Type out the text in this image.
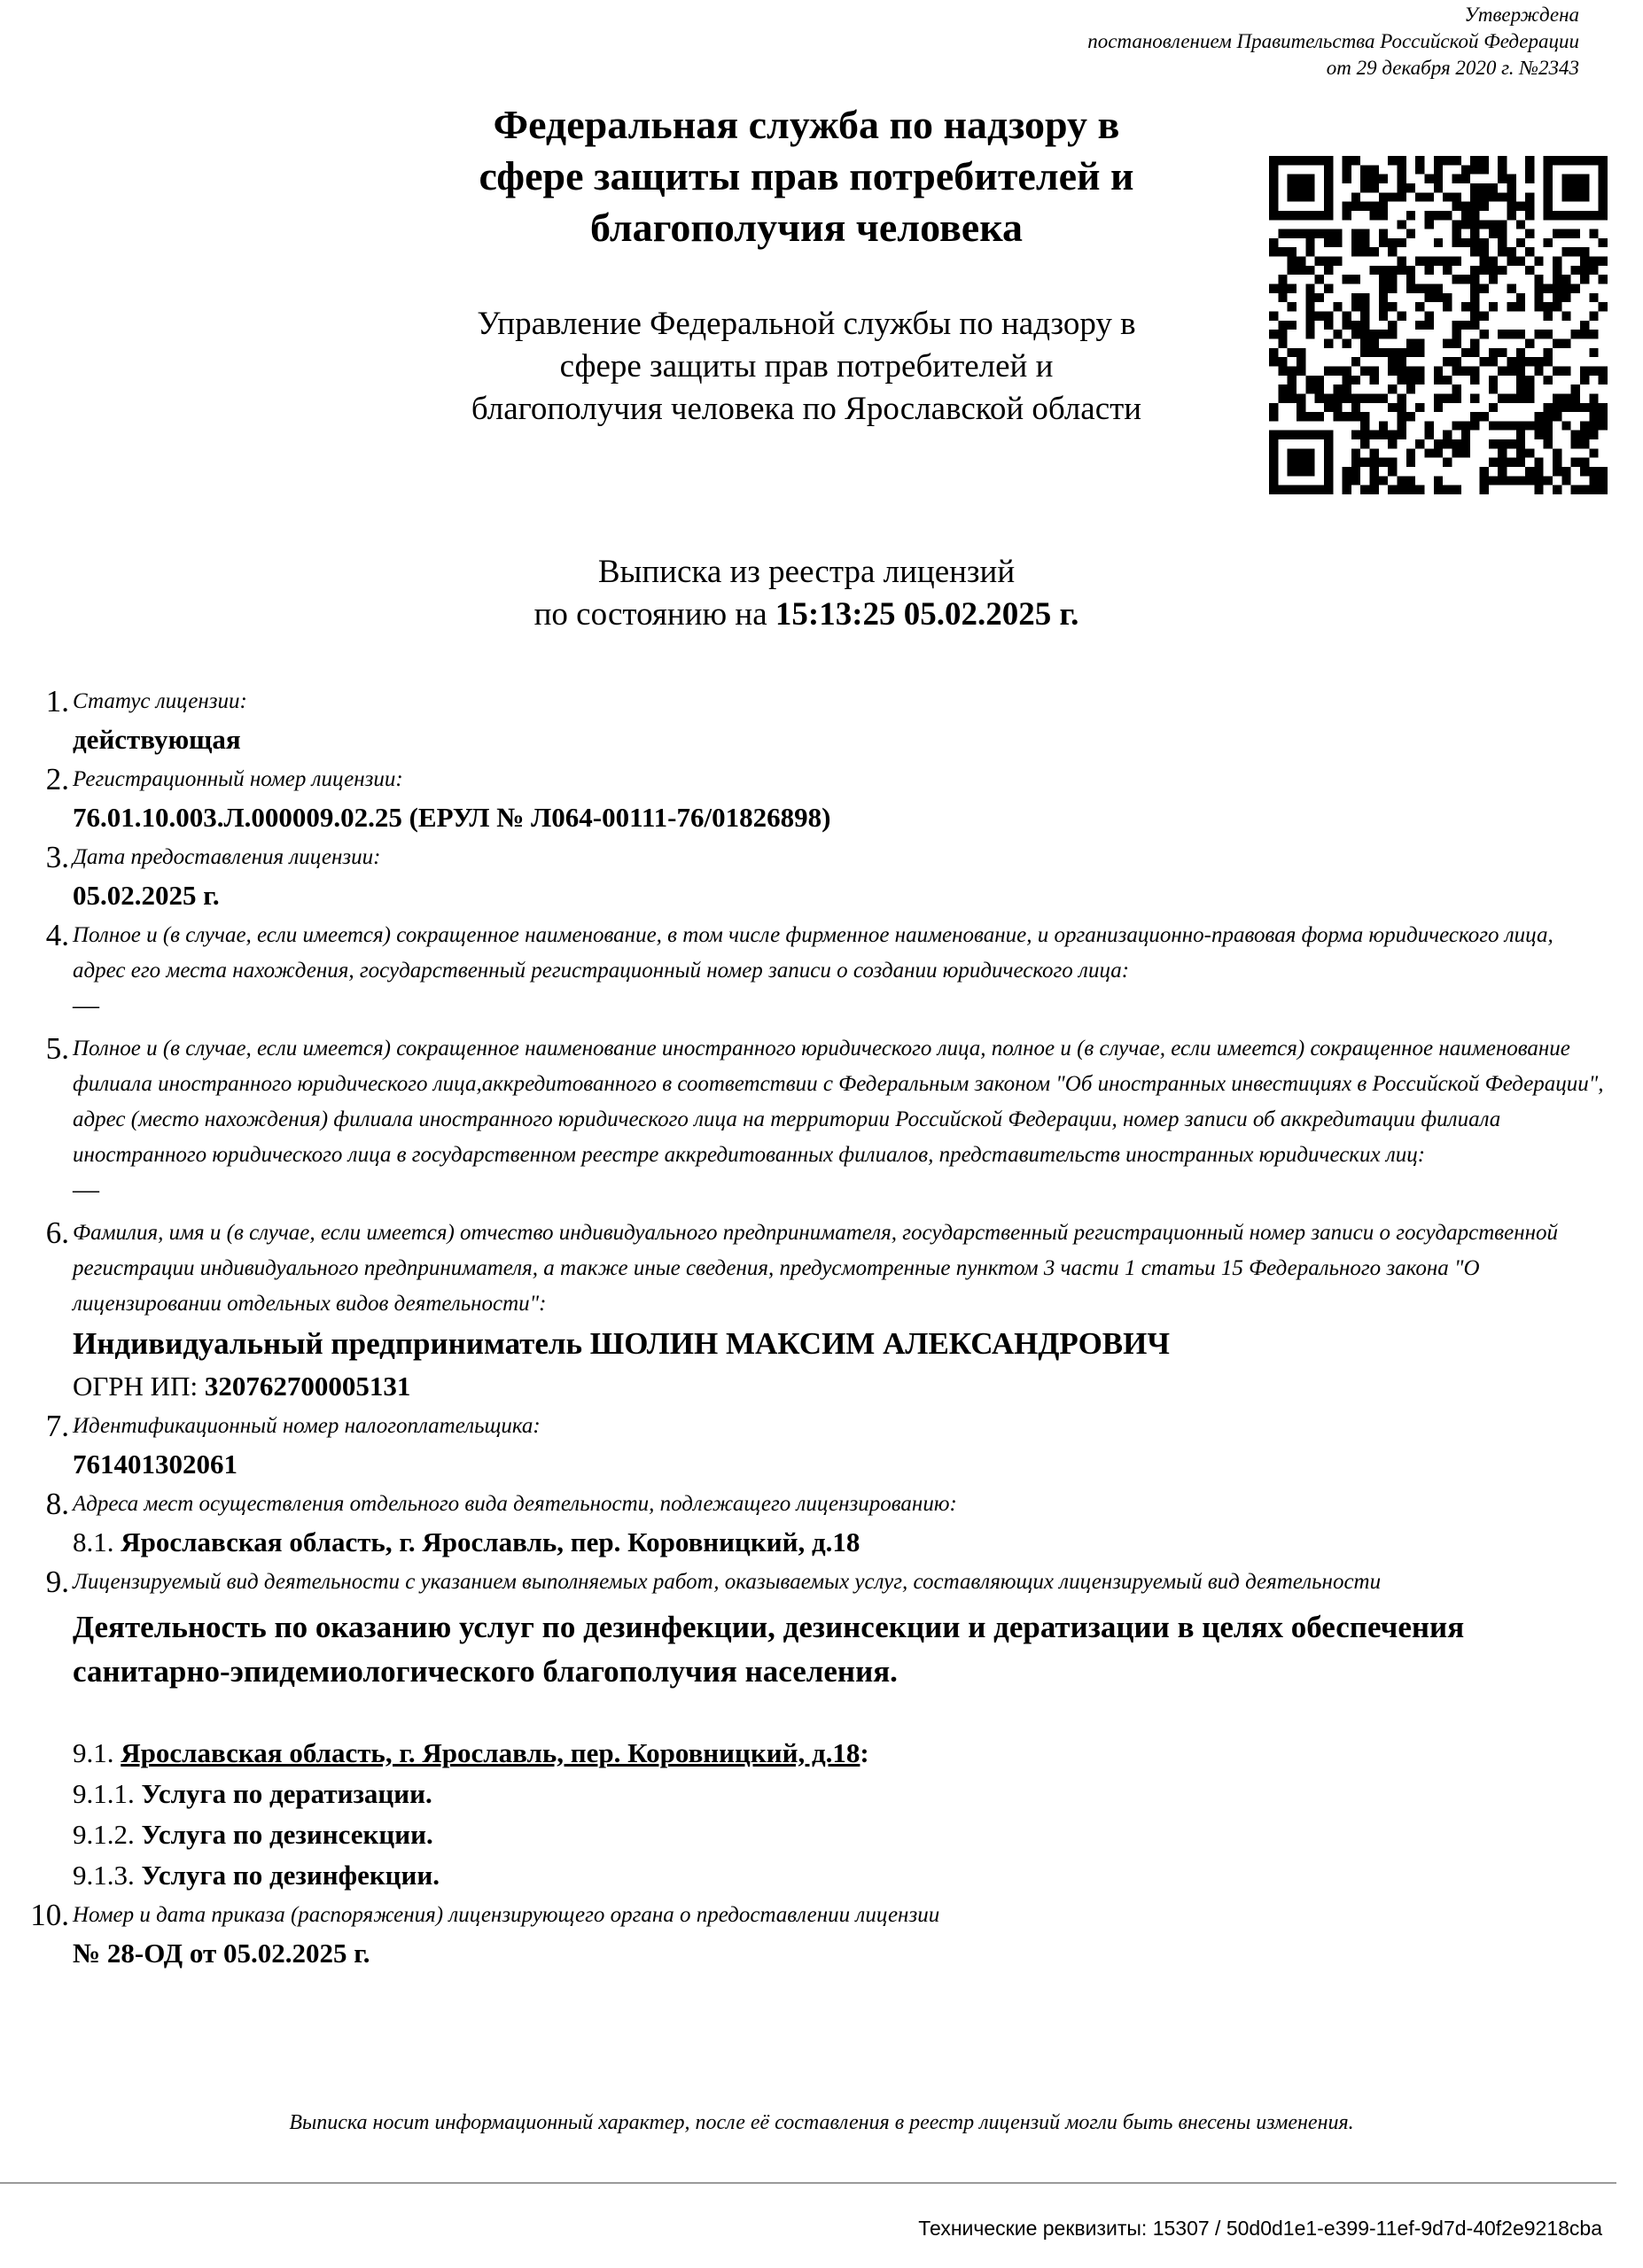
Утверждена
постановлением Правительства Российской Федерации
от 29 декабря 2020 г. №2343
Федеральная служба по надзору в
сфере защиты прав потребителей и
благополучия человека
Управление Федеральной службы по надзору в
сфере защиты прав потребителей и
благополучия человека по Ярославской области
Выписка из реестра лицензий
по состоянию на 15:13:25 05.02.2025 г.
1. Статус лицензии:
действующая
2. Регистрационный номер лицензии:
76.01.10.003.Л.000009.02.25 (ЕРУЛ № Л064-00111-76/01826898)
3. Дата предоставления лицензии:
05.02.2025 г.
4. Полное и (в случае, если имеется) сокращенное наименование, в том числе фирменное наименование, и организационно-правовая форма юридического лица, адрес его места нахождения, государственный регистрационный номер записи о создании юридического лица:
—
5. Полное и (в случае, если имеется) сокращенное наименование иностранного юридического лица, полное и (в случае, если имеется) сокращенное наименование филиала иностранного юридического лица,аккредитованного в соответствии с Федеральным законом "Об иностранных инвестициях в Российской Федерации", адрес (место нахождения) филиала иностранного юридического лица на территории Российской Федерации, номер записи об аккредитации филиала иностранного юридического лица в государственном реестре аккредитованных филиалов, представительств иностранных юридических лиц:
—
6. Фамилия, имя и (в случае, если имеется) отчество индивидуального предпринимателя, государственный регистрационный номер записи о государственной регистрации индивидуального предпринимателя, а также иные сведения, предусмотренные пунктом 3 части 1 статьи 15 Федерального закона "О лицензировании отдельных видов деятельности":
Индивидуальный предприниматель ШОЛИН МАКСИМ АЛЕКСАНДРОВИЧ
ОГРН ИП: 320762700005131
7. Идентификационный номер налогоплательщика:
761401302061
8. Адреса мест осуществления отдельного вида деятельности, подлежащего лицензированию:
8.1. Ярославская область, г. Ярославль, пер. Коровницкий, д.18
9. Лицензируемый вид деятельности с указанием выполняемых работ, оказываемых услуг, составляющих лицензируемый вид деятельности
Деятельность по оказанию услуг по дезинфекции, дезинсекции и дератизации в целях обеспечения санитарно-эпидемиологического благополучия населения.
9.1. Ярославская область, г. Ярославль, пер. Коровницкий, д.18:
9.1.1. Услуга по дератизации.
9.1.2. Услуга по дезинсекции.
9.1.3. Услуга по дезинфекции.
10. Номер и дата приказа (распоряжения) лицензирующего органа о предоставлении лицензии
№ 28-ОД от 05.02.2025 г.
Выписка носит информационный характер, после её составления в реестр лицензий могли быть внесены изменения.
Технические реквизиты: 15307 / 50d0d1e1-e399-11ef-9d7d-40f2e9218cba
